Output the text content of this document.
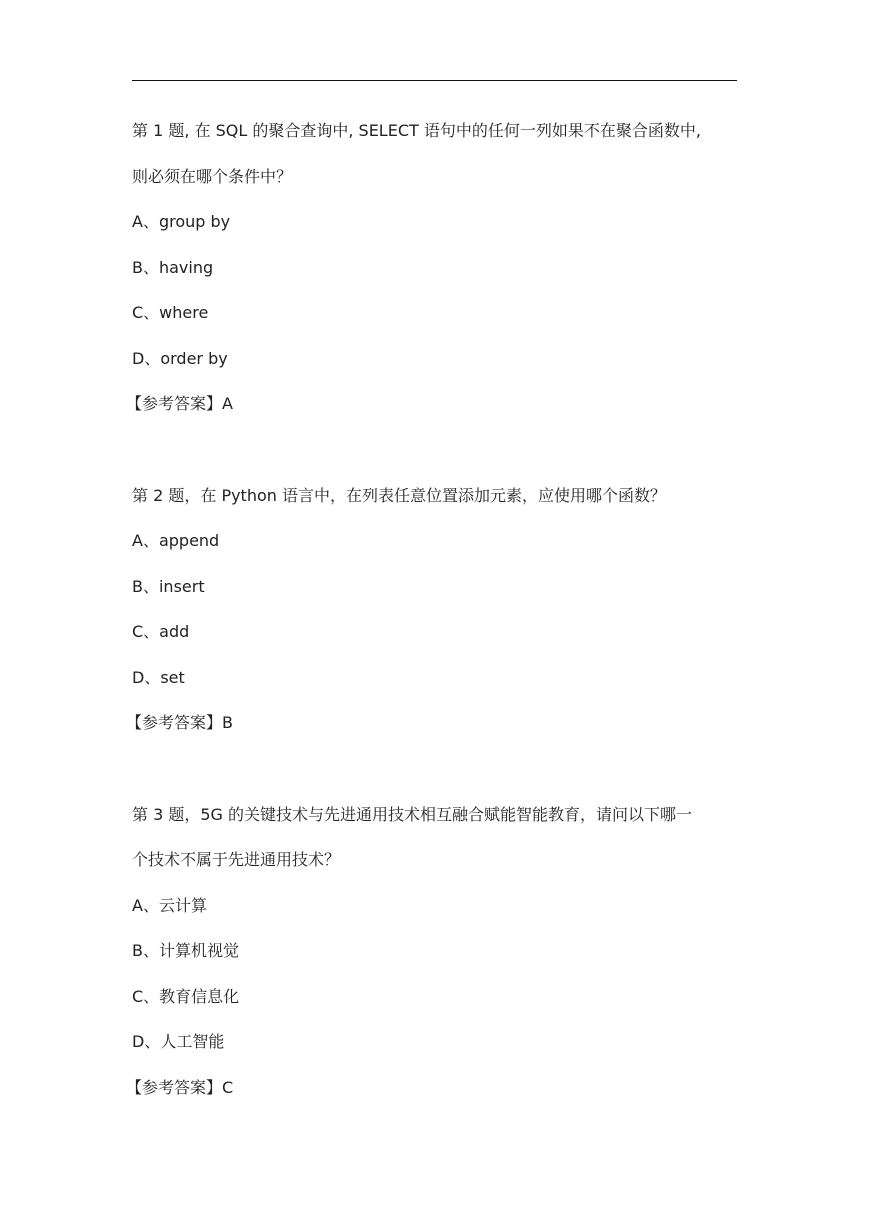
第 1 题, 在 SQL 的聚合查询中, SELECT 语句中的任何一列如果不在聚合函数中,

则必须在哪个条件中？

A、group by

B、having

C、where

D、order by

【参考答案】A

第 2 题，在 Python 语言中，在列表任意位置添加元素，应使用哪个函数？

A、append

B、insert

C、add

D、set

【参考答案】B

第 3 题，5G 的关键技术与先进通用技术相互融合赋能智能教育，请问以下哪一

个技术不属于先进通用技术？

A、云计算

B、计算机视觉

C、教育信息化

D、人工智能

【参考答案】C
